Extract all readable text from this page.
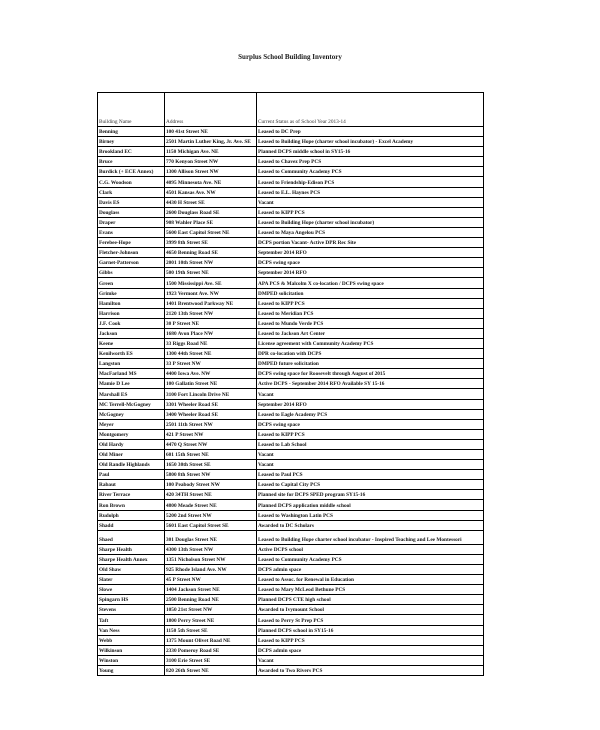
Surplus School Building Inventory
Building Name	Address	Current Status as of School Year 2013-14
Benning	100 41st Street NE	Leased to DC Prep
Birney	2501 Martin Luther King, Jr. Ave. SE	Leased to Building Hope (charter school incubator) - Excel Academy
Brookland EC	1150 Michigan Ave. NE	Planned DCPS middle school in SY15-16
Bruce	770 Kenyon Street NW	Leased to Chavez Prep PCS
Burdick (+ ECE Annex)	1300 Allison Street NW	Leased to Community Academy PCS
C.G. Woodson	4095 Minnesota Ave. NE	Leased to Friendship-Edison PCS
Clark	4501 Kansas Ave. NW	Leased to E.L. Haynes PCS
Davis ES	4430 H Street SE	Vacant
Douglass	2600 Douglass Road SE	Leased to KIPP PCS
Draper	908 Wahler Place SE	Leased to Building Hope (charter school incubator)
Evans	5600 East Capitol Street NE	Leased to Maya Angelou PCS
Ferebee-Hope	3999 8th Street SE	DCPS portion Vacant- Active DPR Rec Site
Fletcher-Johnson	4650 Benning Road SE	September 2014 RFO
Garnet-Patterson	2001 10th Street NW	DCPS swing space
Gibbs	500 19th Street NE	September 2014 RFO
Green	1500 Mississippi Ave. SE	APA PCS & Malcolm X co-location / DCPS swing space
Grimke	1923 Vermont Ave. NW	DMPED solicitation
Hamilton	1401 Brentwood Parkway NE	Leased to KIPP PCS
Harrison	2120 13th Street NW	Leased to Meridian PCS
J.F. Cook	30 P Street NE	Leased to Mundo Verde PCS
Jackson	1680 Avon Place NW	Leased to Jackson Art Center
Keene	33 Riggs Road NE	License agreement with Community Academy PCS
Kenilworth ES	1300 44th Street NE	DPR co-location with DCPS
Langston	33 P Street NW	DMPED future solicitation
MacFarland MS	4400 Iowa Ave. NW	DCPS swing space for Roosevelt through August of 2015
Mamie D Lee	100 Gallatin Street NE	Active DCPS - September 2014 RFO Available SY 15-16
Marshall ES	3100 Fort Lincoln Drive NE	Vacant
MC Terrell-McGogney	3301 Wheeler Road SE	September 2014 RFO
McGogney	3400 Wheeler Road SE	Leased to Eagle Academy PCS
Meyer	2501 11th Street NW	DCPS swing space
Montgomery	421 P Street NW	Leased to KIPP PCS
Old Hardy	4470 Q Street NW	Leased to Lab School
Old Miner	601 15th Street NE	Vacant
Old Randle Highlands	1650 30th Street SE	Vacant
Paul	5800 8th Street NW	Leased to Paul PCS
Rabaut	100 Peabody Street NW	Leased to Capital City PCS
River Terrace	420 34TH Street NE	Planned site for DCPS SPED program SY15-16
Ron Brown	4800 Meade Street NE	Planned DCPS application middle school
Rudolph	5200 2nd Street NW	Leased to Washington Latin PCS
Shadd	5601 East Capitol Street SE	Awarded to DC Scholars
Shaed	301 Douglas Street NE	Leased to Building Hope charter school incubator - Inspired Teaching and Lee Montessori
Sharpe Health	4300 13th Street NW	Active DCPS school
Sharpe Health Annex	1351 Nicholson Street NW	Leased to Community Academy PCS
Old Shaw	925 Rhode Island Ave. NW	DCPS admin space
Slater	45 P Street NW	Leased to Assoc. for Renewal in Education
Slowe	1404 Jackson Street NE	Leased to Mary McLeod Bethune PCS
Spingarn HS	2500 Benning Road NE	Planned DCPS CTE high school
Stevens	1050 21st Street NW	Awarded to Ivymount School
Taft	1800 Perry Street NE	Leased to Perry St Prep PCS
Van Ness	1150 5th Street SE	Planned DCPS school in SY15-16
Webb	1375 Mount Olivet Road NE	Leased to KIPP PCS
Wilkinson	2330 Pomeroy Road SE	DCPS admin space
Winston	3100 Erie Street SE	Vacant
Young	820 26th Street NE	Awarded to Two Rivers PCS
